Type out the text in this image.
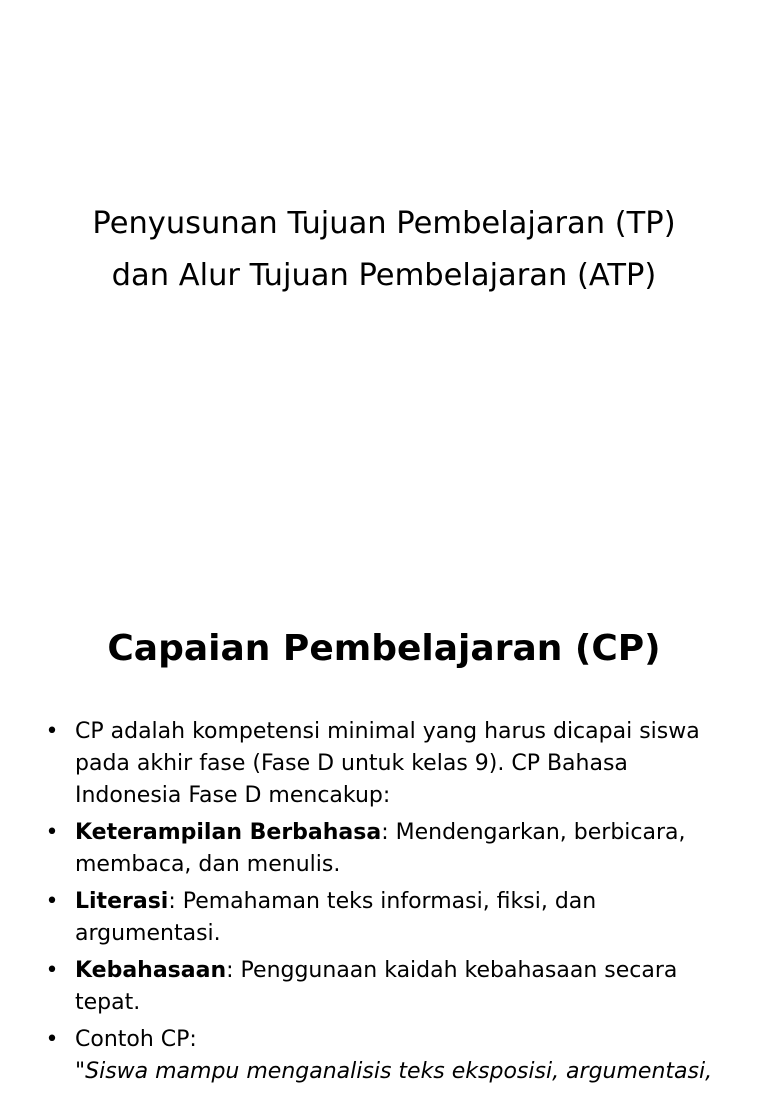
Penyusunan Tujuan Pembelajaran (TP)
dan Alur Tujuan Pembelajaran (ATP)
Capaian Pembelajaran (CP)
• CP adalah kompetensi minimal yang harus dicapai siswa pada akhir fase (Fase D untuk kelas 9). CP Bahasa Indonesia Fase D mencakup:
• Keterampilan Berbahasa: Mendengarkan, berbicara, membaca, dan menulis.
• Literasi: Pemahaman teks informasi, fiksi, dan argumentasi.
• Kebahasaan: Penggunaan kaidah kebahasaan secara tepat.
• Contoh CP:
"Siswa mampu menganalisis teks eksposisi, argumentasi,
